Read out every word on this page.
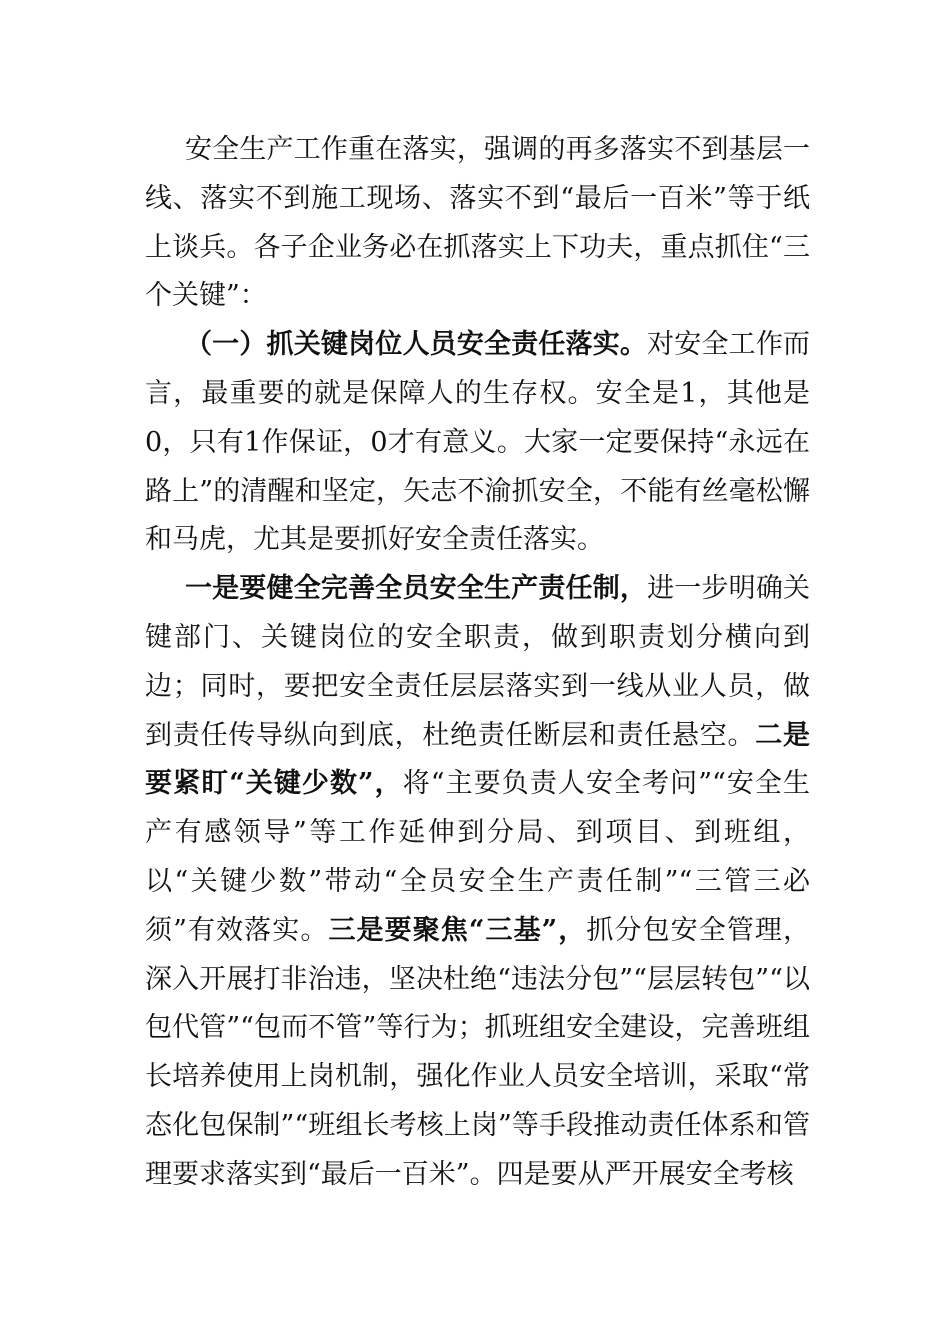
安全生产工作重在落实，强调的再多落实不到基层一线、落实不到施工现场、落实不到“最后一百米”等于纸上谈兵。各子企业务必在抓落实上下功夫，重点抓住“三个关键”：

（一）抓关键岗位人员安全责任落实。对安全工作而言，最重要的就是保障人的生存权。安全是1，其他是0，只有1作保证，0才有意义。大家一定要保持“永远在路上”的清醒和坚定，矢志不渝抓安全，不能有丝毫松懈和马虎，尤其是要抓好安全责任落实。

一是要健全完善全员安全生产责任制，进一步明确关键部门、关键岗位的安全职责，做到职责划分横向到边；同时，要把安全责任层层落实到一线从业人员，做到责任传导纵向到底，杜绝责任断层和责任悬空。二是要紧盯“关键少数”，将“主要负责人安全考问”“安全生产有感领导”等工作延伸到分局、到项目、到班组，以“关键少数”带动“全员安全生产责任制”“三管三必须”有效落实。三是要聚焦“三基”，抓分包安全管理，深入开展打非治违，坚决杜绝“违法分包”“层层转包”“以包代管”“包而不管”等行为；抓班组安全建设，完善班组长培养使用上岗机制，强化作业人员安全培训，采取“常态化包保制”“班组长考核上岗”等手段推动责任体系和管理要求落实到“最后一百米”。四是要从严开展安全考核
